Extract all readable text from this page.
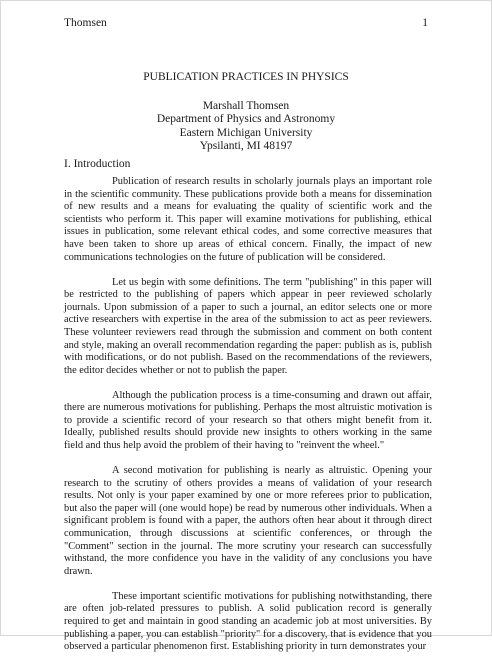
Thomsen	1
PUBLICATION PRACTICES IN PHYSICS
Marshall Thomsen
Department of Physics and Astronomy
Eastern Michigan University
Ypsilanti, MI 48197
I. Introduction

Publication of research results in scholarly journals plays an important role in the scientific community. These publications provide both a means for dissemination of new results and a means for evaluating the quality of scientific work and the scientists who perform it. This paper will examine motivations for publishing, ethical issues in publication, some relevant ethical codes, and some corrective measures that have been taken to shore up areas of ethical concern. Finally, the impact of new communications technologies on the future of publication will be considered.

Let us begin with some definitions. The term "publishing" in this paper will be restricted to the publishing of papers which appear in peer reviewed scholarly journals. Upon submission of a paper to such a journal, an editor selects one or more active researchers with expertise in the area of the submission to act as peer reviewers. These volunteer reviewers read through the submission and comment on both content and style, making an overall recommendation regarding the paper: publish as is, publish with modifications, or do not publish. Based on the recommendations of the reviewers, the editor decides whether or not to publish the paper.

Although the publication process is a time-consuming and drawn out affair, there are numerous motivations for publishing. Perhaps the most altruistic motivation is to provide a scientific record of your research so that others might benefit from it. Ideally, published results should provide new insights to others working in the same field and thus help avoid the problem of their having to "reinvent the wheel."

A second motivation for publishing is nearly as altruistic. Opening your research to the scrutiny of others provides a means of validation of your research results. Not only is your paper examined by one or more referees prior to publication, but also the paper will (one would hope) be read by numerous other individuals. When a significant problem is found with a paper, the authors often hear about it through direct communication, through discussions at scientific conferences, or through the "Comment" section in the journal. The more scrutiny your research can successfully withstand, the more confidence you have in the validity of any conclusions you have drawn.

These important scientific motivations for publishing notwithstanding, there are often job-related pressures to publish. A solid publication record is generally required to get and maintain in good standing an academic job at most universities. By publishing a paper, you can establish "priority" for a discovery, that is evidence that you observed a particular phenomenon first. Establishing priority in turn demonstrates your
